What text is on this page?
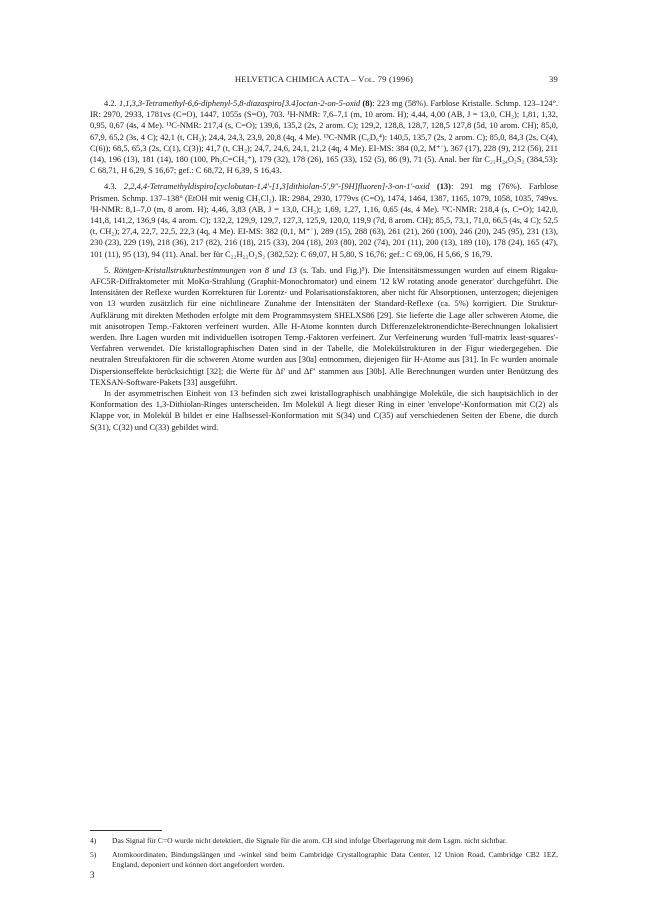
HELVETICA CHIMICA ACTA – Vol. 79 (1996)	39

4.2. 1,1,3,3-Tetramethyl-6,6-diphenyl-5,8-diazaspiro[3.4]octan-2-on-5-oxid (8): 223 mg (58%). Farblose Kristalle. Schmp. 123–124°. IR: 2970, 2933, 1781vs (C=O), 1447, 1055s (S=O), 703. ¹H-NMR: 7,6–7,1 (m, 10 arom. H); 4,44, 4,00 (AB, J = 13,0, CH₂); 1,81, 1,32, 0,95, 0,67 (4s, 4 Me). ¹³C-NMR: 217,4 (s, C=O); 139,6, 135,2 (2s, 2 arom. C); 129,2, 128,8, 128,7, 128,5 127,8 (5d, 10 arom. CH); 85,0, 67,9, 65,2 (3s, 4 C); 42,1 (t, CH₂); 24,4, 24,3, 23,9, 20,8 (4q, 4 Me). ¹³C-NMR (C₆D₆⁴): 140,5, 135,7 (2s, 2 arom. C); 85,0, 84,3 (2s, C(4), C(6)); 68,5, 65,3 (2s, C(1), C(3)); 41,7 (t, CH₂); 24,7, 24,6, 24,1, 21,2 (4q, 4 Me). EI-MS: 384 (0,2, M⁺˙), 367 (17), 228 (9), 212 (56), 211 (14), 196 (13), 181 (14), 180 (100, Ph₂C=CH₂⁺), 179 (32), 178 (26), 165 (33), 152 (5), 86 (9), 71 (5). Anal. ber für C₂₂H₂₄O₂S₂ (384,53): C 68,71, H 6,29, S 16,67; gef.: C 68,72, H 6,39, S 16,43.

4.3. 2,2,4,4-Tetramethyldispiro[cyclobutan-1,4′-[1,3]dithiolan-5′,9″-[9H]fluoren]-3-on-1′-oxid (13): 291 mg (76%). Farblose Prismen. Schmp. 137–138° (EtOH mit wenig CH₂Cl₂). IR: 2984, 2930, 1779vs (C=O), 1474, 1464, 1387, 1165, 1079, 1058, 1035, 749vs. ¹H-NMR: 8,1–7,0 (m, 8 arom. H); 4,46, 3,83 (AB, J = 13,0, CH₂); 1,69, 1,27, 1,16, 0,65 (4s, 4 Me). ¹³C-NMR: 218,4 (s, C=O); 142,0, 141,8, 141,2, 136,9 (4s, 4 arom. C); 132,2, 129,9, 129,7, 127,3, 125,9, 120,0, 119,9 (7d, 8 arom. CH); 85,5, 73,1, 71,0, 66,5 (4s, 4 C); 52,5 (t, CH₂); 27,4, 22,7, 22,5, 22,3 (4q, 4 Me). EI-MS: 382 (0,1, M⁺˙), 289 (15), 288 (63), 261 (21), 260 (100), 246 (20), 245 (95), 231 (13), 230 (23), 229 (19), 218 (36), 217 (82), 216 (18), 215 (33), 204 (18), 203 (80), 202 (74), 201 (11), 200 (13), 189 (10), 178 (24), 165 (47), 101 (11), 95 (13), 94 (11). Anal. ber für C₂₂H₂₂O₂S₂ (382,52): C 69,07, H 5,80, S 16,76; gef.: C 69,06, H 5,66, S 16,79.

5. Röntgen-Kristallstrukturbestimmungen von 8 und 13 (s. Tab. und Fig.)⁵). Die Intensitätsmessungen wurden auf einem Rigaku-AFC5R-Diffraktometer mit MoKα-Strahlung (Graphit-Monochromator) und einem '12 kW rotating anode generator' durchgeführt. Die Intensitäten der Reflexe wurden Korrekturen für Lorentz- und Polarisationsfaktoren, aber nicht für Absorptionen, unterzogen; diejenigen von 13 wurden zusätzlich für eine nichtlineare Zunahme der Intensitäten der Standard-Reflexe (ca. 5%) korrigiert. Die Struktur-Aufklärung mit direkten Methoden erfolgte mit dem Programmsystem SHELXS86 [29]. Sie lieferte die Lage aller schweren Atome, die mit anisotropen Temp.-Faktoren verfeinert wurden. Alle H-Atome konnten durch Differenzelektronendichte-Berechnungen lokalisiert werden. Ihre Lagen wurden mit individuellen isotropen Temp.-Faktoren verfeinert. Zur Verfeinerung wurden 'full-matrix least-squares'-Verfahren verwendet. Die kristallographischen Daten sind in der Tabelle, die Molekülstrukturen in der Figur wiedergegeben. Die neutralen Streufaktoren für die schweren Atome wurden aus [30a] entnommen, diejenigen für H-Atome aus [31]. In Fc wurden anomale Dispersionseffekte berücksichtigt [32]; die Werte für Δf′ und Δf″ stammen aus [30b]. Alle Berechnungen wurden unter Benützung des TEXSAN-Software-Pakets [33] ausgeführt.

In der asymmetrischen Einheit von 13 befinden sich zwei kristallographisch unabhängige Moleküle, die sich hauptsächlich in der Konformation des 1,3-Dithiolan-Ringes unterscheiden. Im Molekül A liegt dieser Ring in einer 'envelope'-Konformation mit C(2) als Klappe vor, in Molekül B bildet er eine Halbsessel-Konformation mit S(34) und C(35) auf verschiedenen Seiten der Ebene, die durch S(31), C(32) und C(33) gebildet wird.

4) Das Signal für C=O wurde nicht detektiert, die Signale für die arom. CH sind infolge Überlagerung mit dem Lsgm. nicht sichtbar.
5) Atomkoordinaten, Bindungslängen und -winkel sind beim Cambridge Crystallographic Data Center, 12 Union Road, Cambridge CB2 1EZ, England, deponiert und können dort angefordert werden.
3
